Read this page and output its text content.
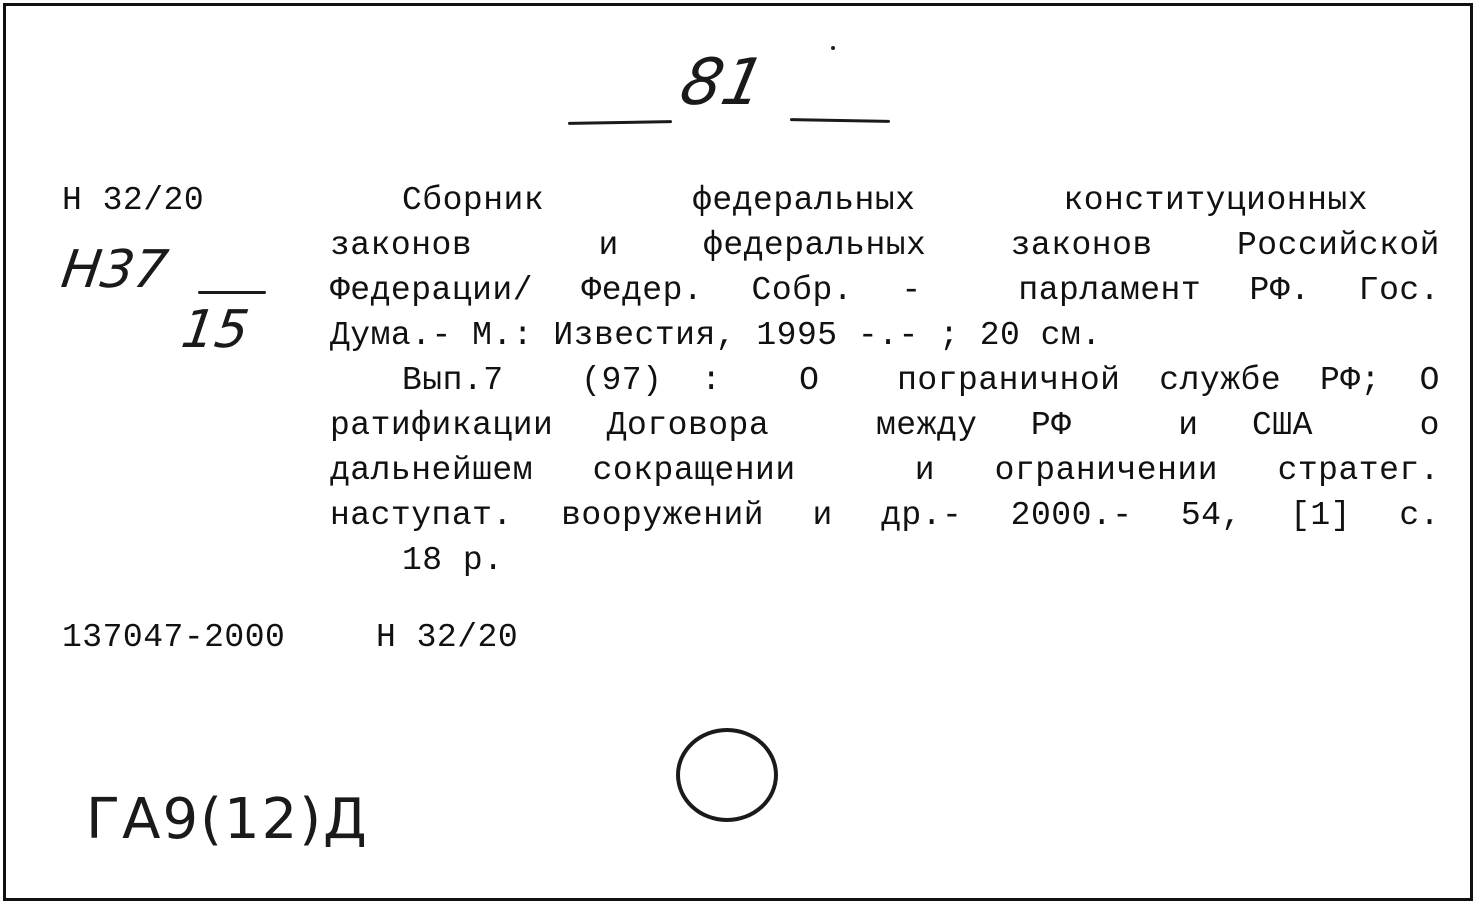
81
Н 32/20
Н37
15
Сборник    федеральных    конституционных
законов   и  федеральных  законов  Российской
Федерации/ Федер. Собр. -  парламент РФ. Гос.
Дума.- М.: Известия, 1995 -.- ; 20 см.
Вып.7  (97) :  О  пограничной службе РФ; О
ратификации Договора  между РФ  и США  о
дальнейшем сокращении  и ограничении стратег.
наступат. вооружений и др.- 2000.- 54, [1] с.
18 р.
137047-2000	Н 32/20
ГА9(12)Д
